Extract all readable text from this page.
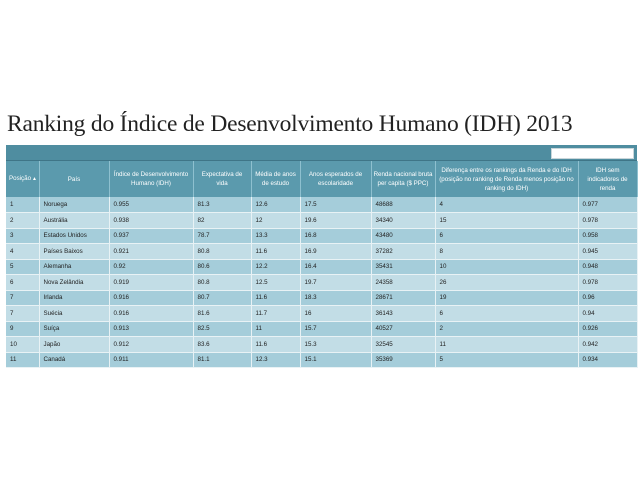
Ranking do Índice de Desenvolvimento Humano (IDH) 2013
Posição▲	País	Índice de Desenvolvimento Humano (IDH)	Expectativa de vida	Média de anos de estudo	Anos esperados de escolaridade	Renda nacional bruta per capita ($ PPC)	Diferença entre os rankings da Renda e do IDH (posição no ranking de Renda menos posição no ranking do IDH)	IDH sem indicadores de renda
1	Noruega	0.955	81.3	12.6	17.5	48688	4	0.977
2	Austrália	0.938	82	12	19.6	34340	15	0.978
3	Estados Unidos	0.937	78.7	13.3	16.8	43480	6	0.958
4	Países Baixos	0.921	80.8	11.6	16.9	37282	8	0.945
5	Alemanha	0.92	80.6	12.2	16.4	35431	10	0.948
6	Nova Zelândia	0.919	80.8	12.5	19.7	24358	26	0.978
7	Irlanda	0.916	80.7	11.6	18.3	28671	19	0.96
7	Suécia	0.916	81.6	11.7	16	36143	6	0.94
9	Suíça	0.913	82.5	11	15.7	40527	2	0.926
10	Japão	0.912	83.6	11.6	15.3	32545	11	0.942
11	Canadá	0.911	81.1	12.3	15.1	35369	5	0.934
